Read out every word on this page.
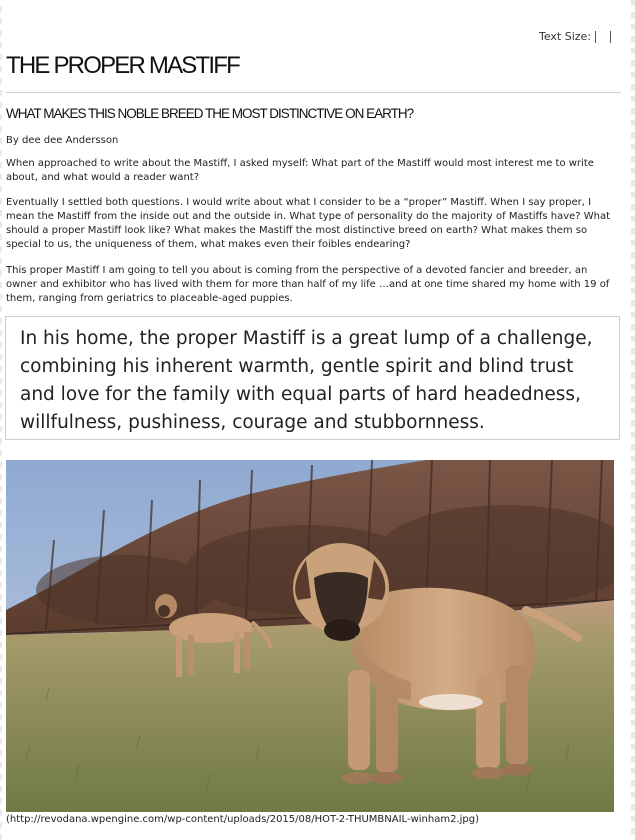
Text Size:
THE PROPER MASTIFF
WHAT MAKES THIS NOBLE BREED THE MOST DISTINCTIVE ON EARTH?
By dee dee Andersson

When approached to write about the Mastiff, I asked myself: What part of the Mastiff would most interest me to write about, and what would a reader want?

Eventually I settled both questions. I would write about what I consider to be a “proper” Mastiff. When I say proper, I mean the Mastiff from the inside out and the outside in. What type of personality do the majority of Mastiffs have? What should a proper Mastiff look like? What makes the Mastiff the most distinctive breed on earth? What makes them so special to us, the uniqueness of them, what makes even their foibles endearing?

This proper Mastiff I am going to tell you about is coming from the perspective of a devoted fancier and breeder, an owner and exhibitor who has lived with them for more than half of my life …and at one time shared my home with 19 of them, ranging from geriatrics to placeable-aged puppies.

In his home, the proper Mastiff is a great lump of a challenge, combining his inherent warmth, gentle spirit and blind trust and love for the family with equal parts of hard headedness, willfulness, pushiness, courage and stubbornness.

(http://revodana.wpengine.com/wp-content/uploads/2015/08/HOT-2-THUMBNAIL-winham2.jpg)
